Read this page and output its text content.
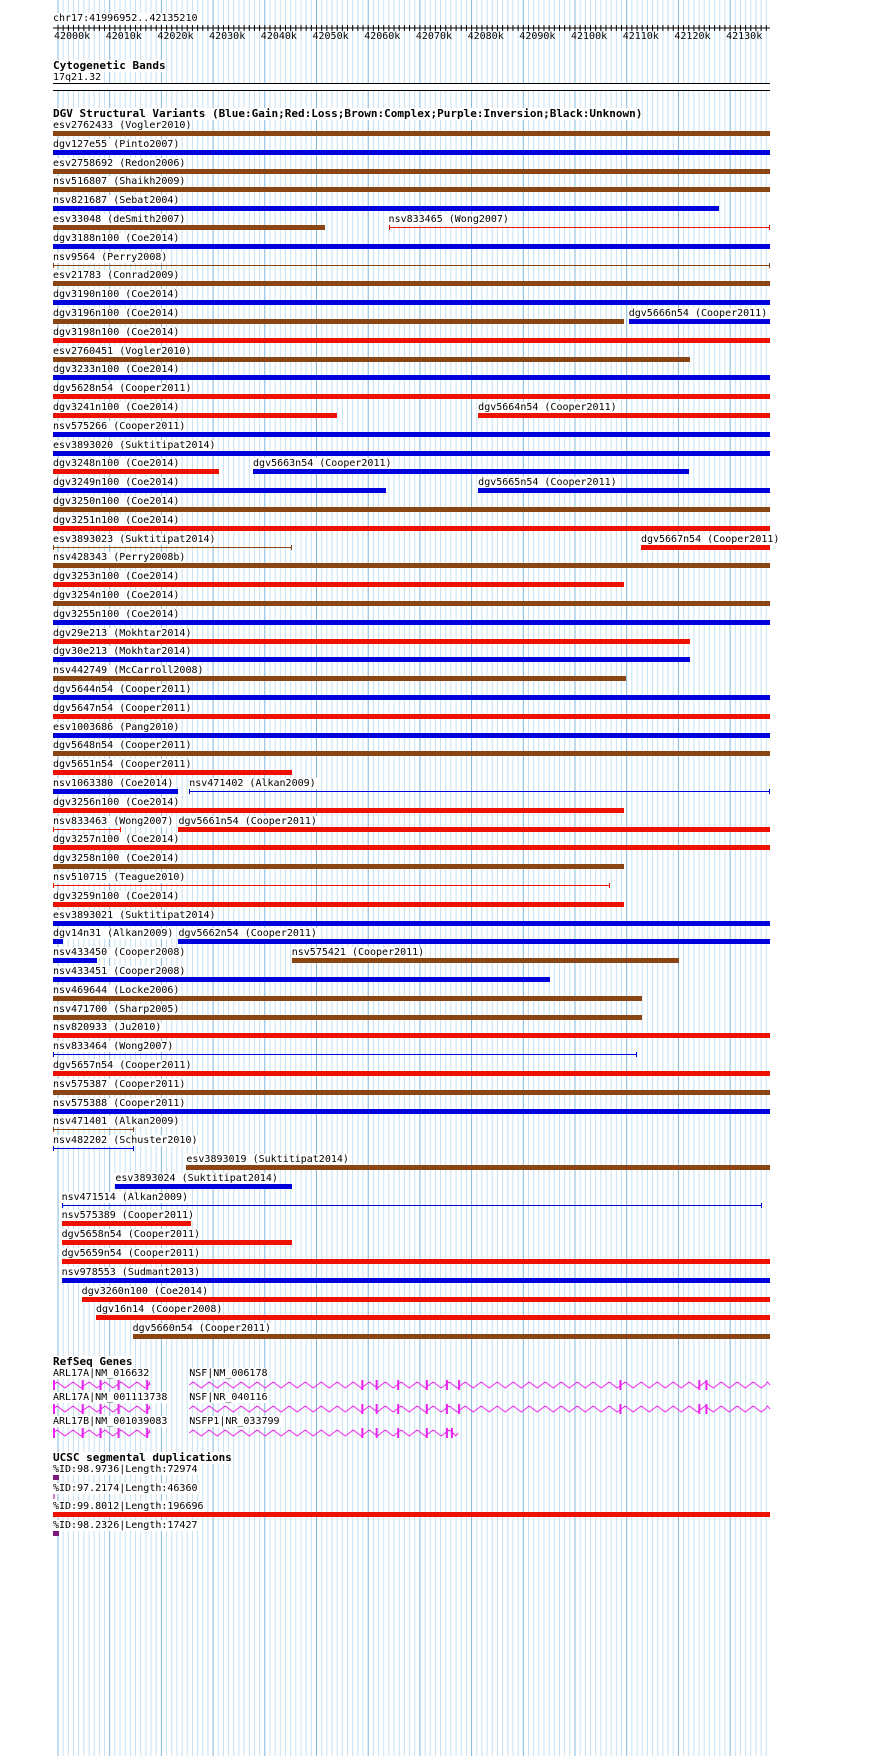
chr17:41996952..42135210
42000k 42010k 42020k 42030k 42040k 42050k 42060k 42070k 42080k 42090k 42100k 42110k 42120k 42130k
Cytogenetic Bands
17q21.32
DGV Structural Variants (Blue:Gain;Red:Loss;Brown:Complex;Purple:Inversion;Black:Unknown)
esv2762433 (Vogler2010)
dgv127e55 (Pinto2007)
esv2758692 (Redon2006)
nsv516807 (Shaikh2009)
nsv821687 (Sebat2004)
esv33048 (deSmith2007)	nsv833465 (Wong2007)
dgv3188n100 (Coe2014)
nsv9564 (Perry2008)
esv21783 (Conrad2009)
dgv3190n100 (Coe2014)
dgv3196n100 (Coe2014)	dgv5666n54 (Cooper2011)
dgv3198n100 (Coe2014)
esv2760451 (Vogler2010)
dgv3233n100 (Coe2014)
dgv5628n54 (Cooper2011)
dgv3241n100 (Coe2014)	dgv5664n54 (Cooper2011)
nsv575266 (Cooper2011)
esv3893020 (Suktitipat2014)
dgv3248n100 (Coe2014)	dgv5663n54 (Cooper2011)
dgv3249n100 (Coe2014)	dgv5665n54 (Cooper2011)
dgv3250n100 (Coe2014)
dgv3251n100 (Coe2014)
esv3893023 (Suktitipat2014)	dgv5667n54 (Cooper2011)
nsv428343 (Perry2008b)
dgv3253n100 (Coe2014)
dgv3254n100 (Coe2014)
dgv3255n100 (Coe2014)
dgv29e213 (Mokhtar2014)
dgv30e213 (Mokhtar2014)
nsv442749 (McCarroll2008)
dgv5644n54 (Cooper2011)
dgv5647n54 (Cooper2011)
esv1003686 (Pang2010)
dgv5648n54 (Cooper2011)
dgv5651n54 (Cooper2011)
nsv1063380 (Coe2014) nsv471402 (Alkan2009)
dgv3256n100 (Coe2014)
nsv833463 (Wong2007) dgv5661n54 (Cooper2011)
dgv3257n100 (Coe2014)
dgv3258n100 (Coe2014)
nsv510715 (Teague2010)
dgv3259n100 (Coe2014)
esv3893021 (Suktitipat2014)
dgv14n31 (Alkan2009) dgv5662n54 (Cooper2011)
nsv433450 (Cooper2008)	nsv575421 (Cooper2011)
nsv433451 (Cooper2008)
nsv469644 (Locke2006)
nsv471700 (Sharp2005)
nsv820933 (Ju2010)
nsv833464 (Wong2007)
dgv5657n54 (Cooper2011)
nsv575387 (Cooper2011)
nsv575388 (Cooper2011)
nsv471401 (Alkan2009)
nsv482202 (Schuster2010)
esv3893019 (Suktitipat2014)
esv3893024 (Suktitipat2014)
nsv471514 (Alkan2009)
nsv575389 (Cooper2011)
dgv5658n54 (Cooper2011)
dgv5659n54 (Cooper2011)
nsv978553 (Sudmant2013)
dgv3260n100 (Coe2014)
dgv16n14 (Cooper2008)
dgv5660n54 (Cooper2011)
RefSeq Genes
ARL17A|NM_016632	NSF|NM_006178
ARL17A|NM_001113738 NSF|NR_040116
ARL17B|NM_001039083 NSFP1|NR_033799
UCSC segmental duplications
%ID:98.9736|Length:72974
%ID:97.2174|Length:46360
%ID:99.8012|Length:196696
%ID:98.2326|Length:17427
